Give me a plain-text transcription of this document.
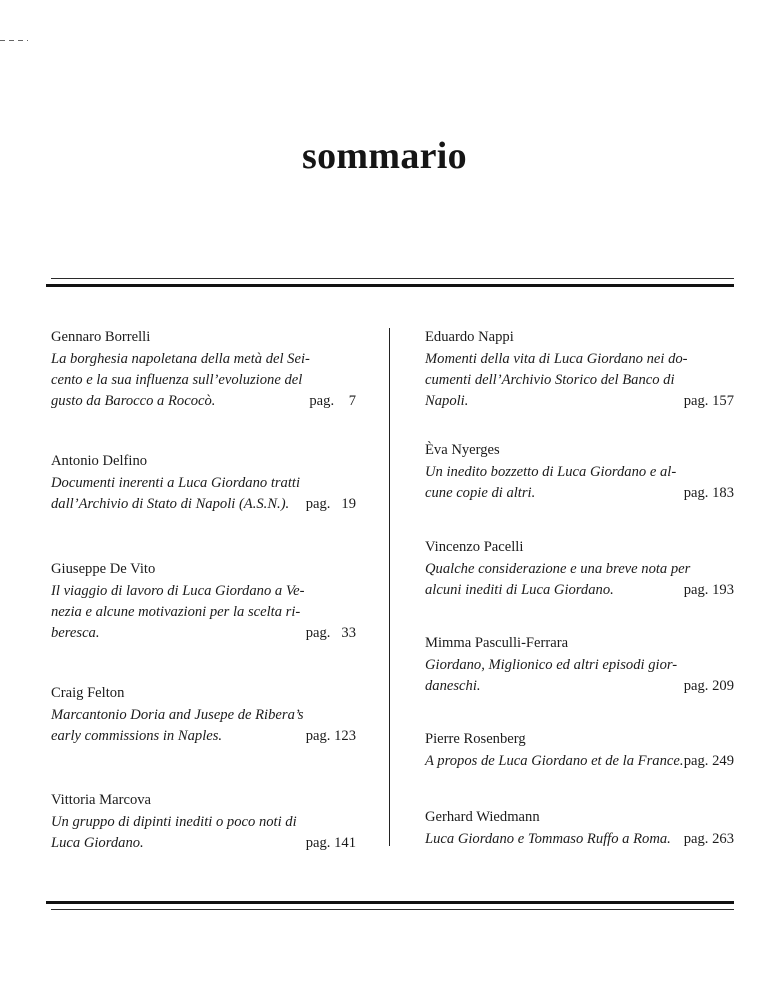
sommario
Gennaro Borrelli
La borghesia napoletana della metà del Sei-
cento e la sua influenza sull’evoluzione del
gusto da Barocco a Rococò.	pag.    7
Antonio Delfino
Documenti inerenti a Luca Giordano tratti
dall’Archivio di Stato di Napoli (A.S.N.).	pag.   19
Giuseppe De Vito
Il viaggio di lavoro di Luca Giordano a Ve-
nezia e alcune motivazioni per la scelta ri-
beresca.	pag.   33
Craig Felton
Marcantonio Doria and Jusepe de Ribera’s
early commissions in Naples.	pag. 123
Vittoria Marcova
Un gruppo di dipinti inediti o poco noti di
Luca Giordano.	pag. 141
Eduardo Nappi
Momenti della vita di Luca Giordano nei do-
cumenti dell’Archivio Storico del Banco di
Napoli.	pag. 157
Èva Nyerges
Un inedito bozzetto di Luca Giordano e al-
cune copie di altri.	pag. 183
Vincenzo Pacelli
Qualche considerazione e una breve nota per
alcuni inediti di Luca Giordano.	pag. 193
Mimma Pasculli-Ferrara
Giordano, Miglionico ed altri episodi gior-
daneschi.	pag. 209
Pierre Rosenberg
A propos de Luca Giordano et de la France. pag. 249
Gerhard Wiedmann
Luca Giordano e Tommaso Ruffo a Roma. pag. 263
